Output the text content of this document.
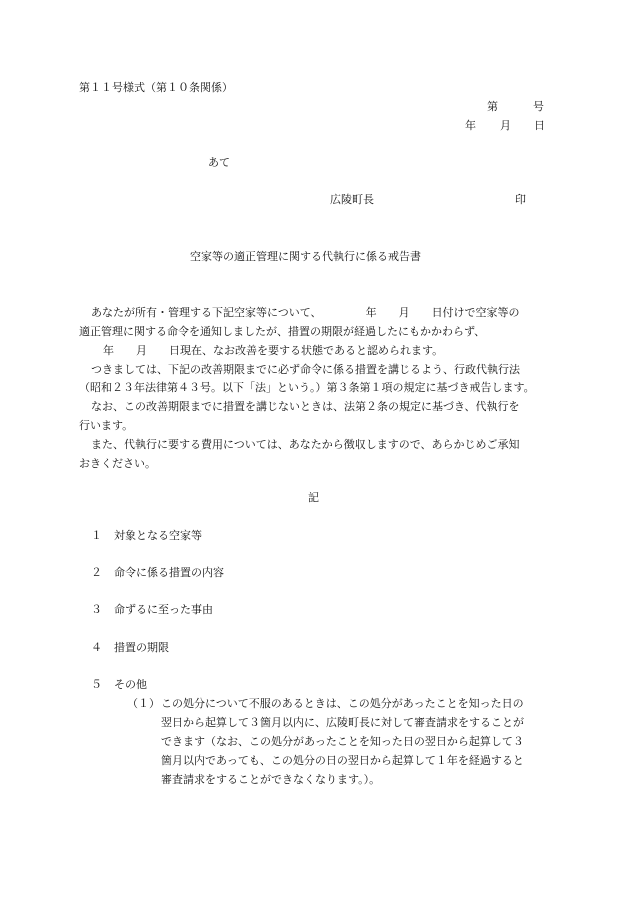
第１１号様式（第１０条関係）
第	号
年 月 日
あて
広陵町長	印
空家等の適正管理に関する代執行に係る戒告書
あなたが所有・管理する下記空家等について、	年 月 日付けで空家等の
適正管理に関する命令を通知しましたが、措置の期限が経過したにもかかわらず、
年 月 日現在、なお改善を要する状態であると認められます。
つきましては、下記の改善期限までに必ず命令に係る措置を講じるよう、行政代執行法
（昭和２３年法律第４３号。以下「法」という。）第３条第１項の規定に基づき戒告します。
なお、この改善期限までに措置を講じないときは、法第２条の規定に基づき、代執行を
行います。
また、代執行に要する費用については、あなたから徴収しますので、あらかじめご承知
おきください。
記
１ 対象となる空家等
２ 命令に係る措置の内容
３ 命ずるに至った事由
４ 措置の期限
５ その他
（１） この処分について不服のあるときは、この処分があったことを知った日の
翌日から起算して３箇月以内に、広陵町長に対して審査請求をすることが
できます（なお、この処分があったことを知った日の翌日から起算して３
箇月以内であっても、この処分の日の翌日から起算して１年を経過すると
審査請求をすることができなくなります。）。
